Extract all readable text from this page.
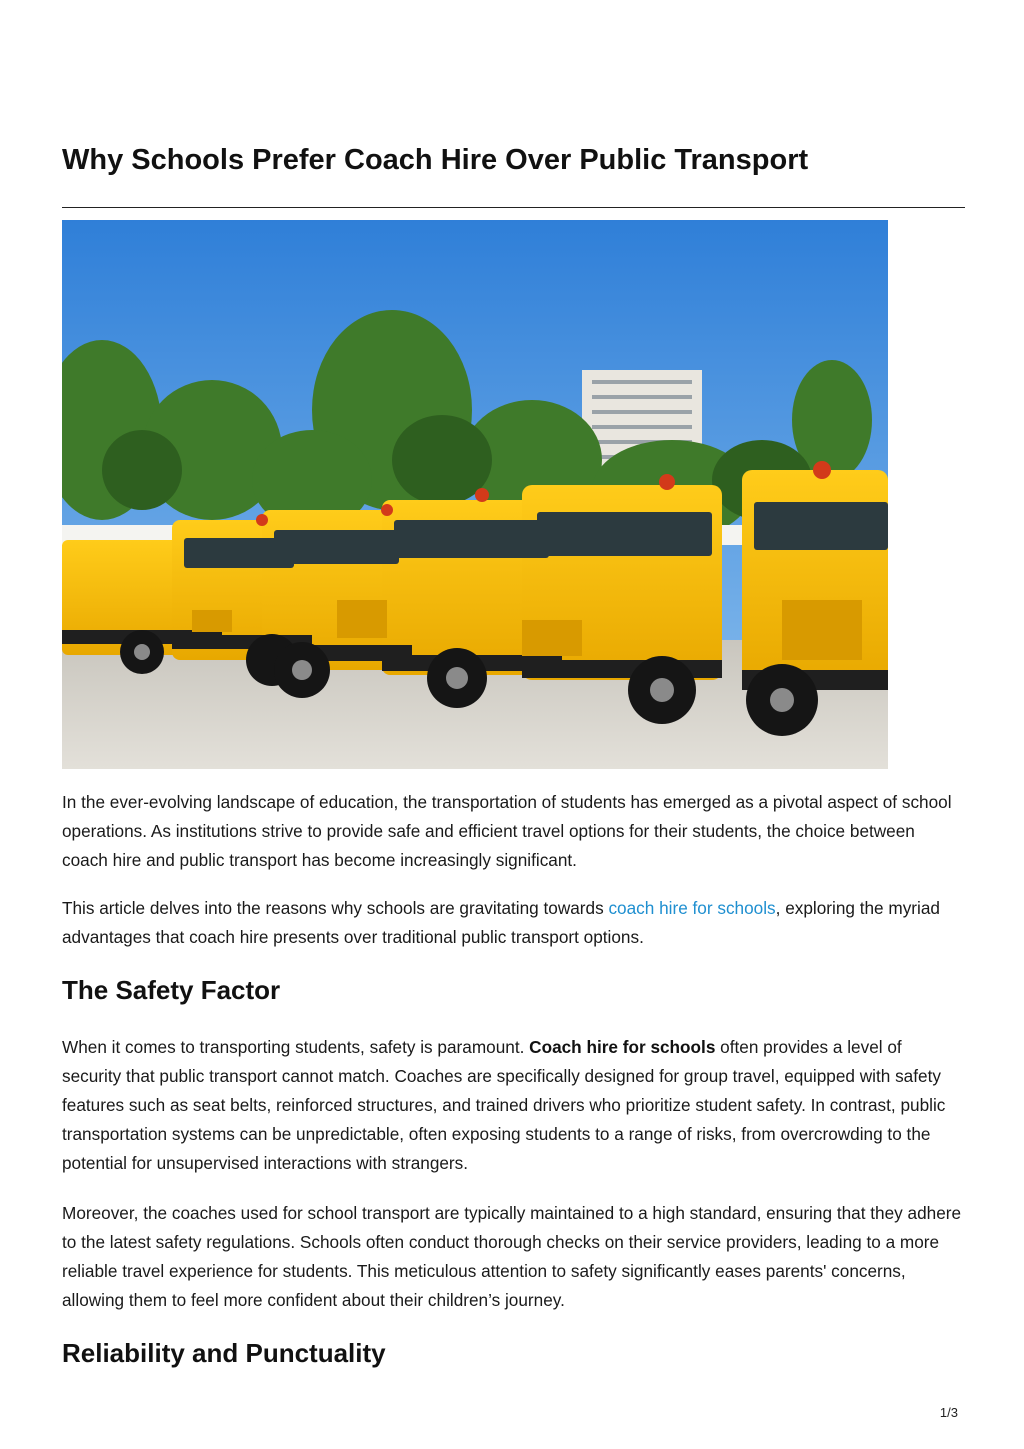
Why Schools Prefer Coach Hire Over Public Transport

In the ever-evolving landscape of education, the transportation of students has emerged as a pivotal aspect of school operations. As institutions strive to provide safe and efficient travel options for their students, the choice between coach hire and public transport has become increasingly significant.

This article delves into the reasons why schools are gravitating towards coach hire for schools, exploring the myriad advantages that coach hire presents over traditional public transport options.

The Safety Factor

When it comes to transporting students, safety is paramount. Coach hire for schools often provides a level of security that public transport cannot match. Coaches are specifically designed for group travel, equipped with safety features such as seat belts, reinforced structures, and trained drivers who prioritize student safety. In contrast, public transportation systems can be unpredictable, often exposing students to a range of risks, from overcrowding to the potential for unsupervised interactions with strangers.

Moreover, the coaches used for school transport are typically maintained to a high standard, ensuring that they adhere to the latest safety regulations. Schools often conduct thorough checks on their service providers, leading to a more reliable travel experience for students. This meticulous attention to safety significantly eases parents' concerns, allowing them to feel more confident about their children’s journey.

Reliability and Punctuality
1/3
